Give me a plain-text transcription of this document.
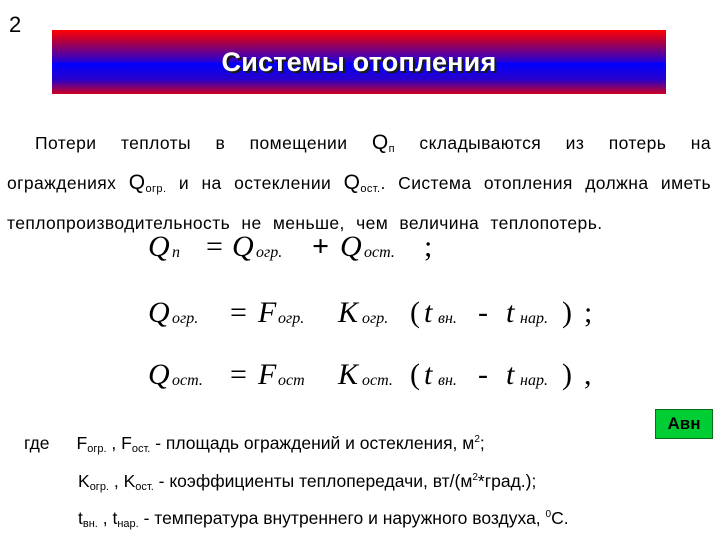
2
Системы отопления
Потери теплоты в помещении $Q_п$ складываются из потерь на ограждениях $Q_{огр.}$ и на остеклении $Q_{ост.}$. Система отопления должна иметь теплопроизводительность не меньше, чем величина теплопотерь.
Q п = Q огр. + Q ост. ;
Q огр. = F огр. K огр. ( t вн. - t нар. ) ;
Q ост. = F ост K ост. ( t вн. - t нар. ) ,
Авн
где $F_{огр.}$ , $F_{ост.}$ - площадь ограждений и остекления, $м^2$;
$K_{огр.}$ , $K_{ост.}$ - коэффициенты теплопередачи, $вт/(м^2*град.)$;
$t_{вн.}$ , $t_{нар.}$ - температура внутреннего и наружного воздуха, $^0$C.
